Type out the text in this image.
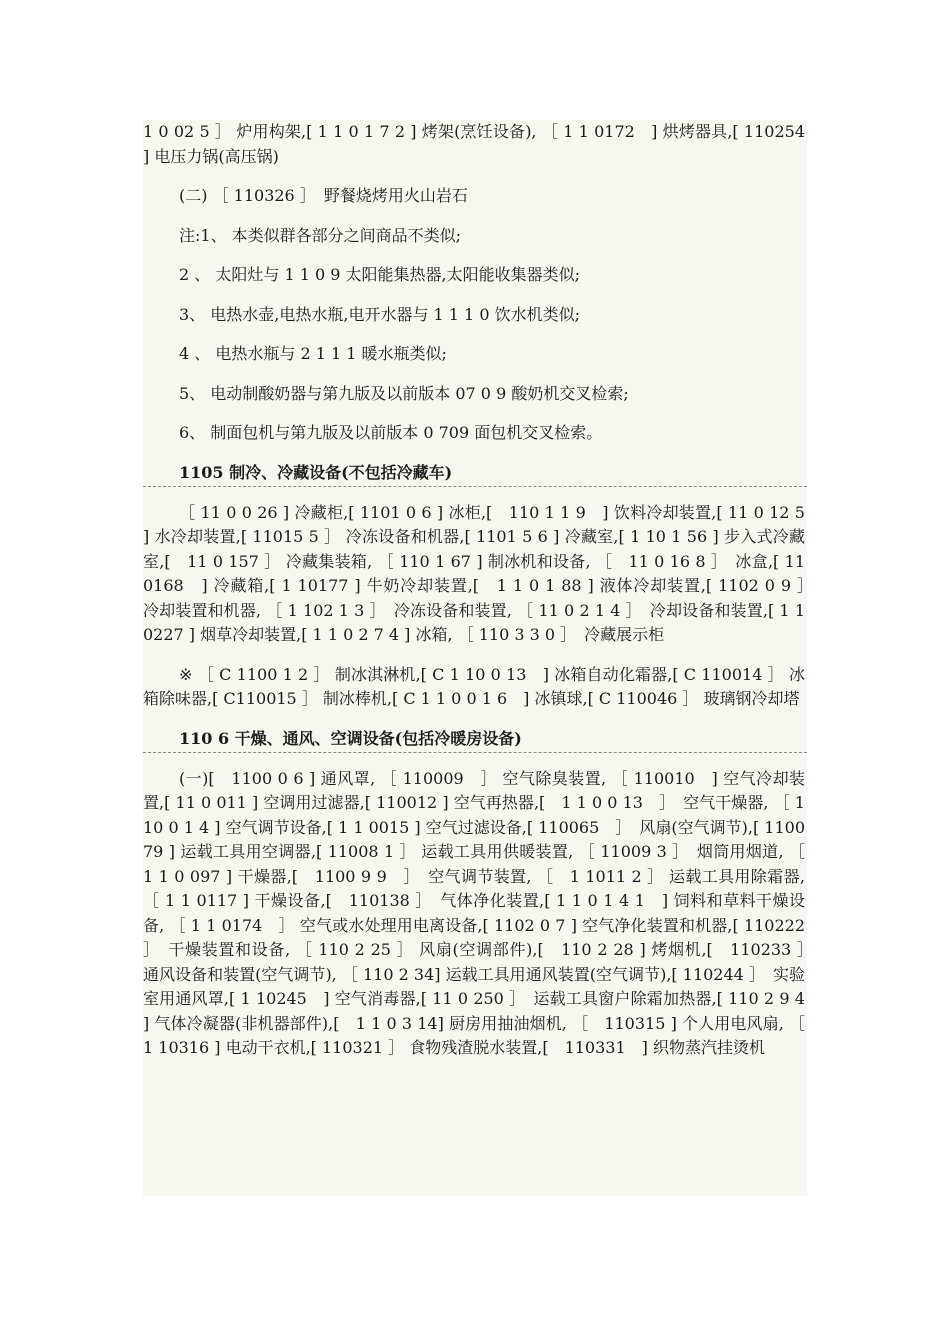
1 0 02 5 ］ 炉用构架,[ 1 1 0 1 7 2 ] 烤架(烹饪设备), ［ 1 1 0172　] 烘烤器具,[ 110254 ] 电压力锅(高压锅)

(二) ［ 110326 ］　野餐烧烤用火山岩石

注:1、 本类似群各部分之间商品不类似;

2 、 太阳灶与 1 1 0 9 太阳能集热器,太阳能收集器类似;

3、 电热水壶,电热水瓶,电开水器与 1 1 1 0 饮水机类似;

4 、 电热水瓶与 2 1 1 1 暖水瓶类似;

5、 电动制酸奶器与第九版及以前版本 07 0 9 酸奶机交叉检索;

6、 制面包机与第九版及以前版本 0 709 面包机交叉检索。

1105 制冷、冷藏设备(不包括冷藏车)

［ 11 0 0 26 ] 冷藏柜,[ 1101 0 6 ] 冰柜,[　110 1 1 9　] 饮料冷却装置,[ 11 0 12 5 ] 水冷却装置,[ 11015 5 ］ 冷冻设备和机器,[ 1101 5 6 ] 冷藏室,[ 1 10 1 56 ] 步入式冷藏室,[　11 0 157 ］ 冷藏集装箱, ［ 110 1 67 ] 制冰机和设备, ［　11 0 16 8 ］　冰盒,[ 110168　] 冷藏箱,[ 1 10177 ] 牛奶冷却装置,[　1 1 0 1 88 ] 液体冷却装置,[ 1102 0 9 ］　冷却装置和机器, ［ 1 102 1 3 ］　冷冻设备和装置, ［ 11 0 2 1 4 ］　冷却设备和装置,[ 1 1 0227 ] 烟草冷却装置,[ 1 1 0 2 7 4 ] 冰箱, ［ 110 3 3 0 ］　冷藏展示柜

※ ［ C 1100 1 2 ］ 制冰淇淋机,[ C 1 10 0 13　] 冰箱自动化霜器,[ C 110014 ］ 冰箱除味器,[ C110015 ］ 制冰棒机,[ C 1 1 0 0 1 6　] 冰镇球,[ C 110046 ］ 玻璃钢冷却塔

110 6 干燥、通风、空调设备(包括冷暖房设备)

(一)[　1100 0 6 ] 通风罩, ［ 110009　］ 空气除臭装置, ［ 110010　] 空气冷却装置,[ 11 0 011 ] 空调用过滤器,[ 110012 ] 空气再热器,[　1 1 0 0 13　］　空气干燥器, ［ 110 0 1 4 ] 空气调节设备,[ 1 1 0015 ] 空气过滤设备,[ 110065　］　风扇(空气调节),[ 110079 ] 运载工具用空调器,[ 11008 1 ］ 运载工具用供暖装置, ［ 11009 3 ］　烟筒用烟道, ［ 1 1 0 097 ] 干燥器,[　1100 9 9　］　空气调节装置, ［　1 1011 2 ］ 运载工具用除霜器, ［ 1 1 0117 ] 干燥设备,[　110138 ］　气体净化装置,[ 1 1 0 1 4 1　] 饲料和草料干燥设备, ［ 1 1 0174　］ 空气或水处理用电离设备,[ 1102 0 7 ] 空气净化装置和机器,[ 110222 ］　干燥装置和设备, ［ 110 2 25 ］ 风扇(空调部件),[　110 2 28 ] 烤烟机,[　110233 ］　通风设备和装置(空气调节), ［ 110 2 34] 运载工具用通风装置(空气调节),[ 110244 ］　实验室用通风罩,[ 1 10245　] 空气消毒器,[ 11 0 250 ］　运载工具窗户除霜加热器,[ 110 2 9 4 ] 气体冷凝器(非机器部件),[　1 1 0 3 14] 厨房用抽油烟机, ［　110315 ] 个人用电风扇, ［　1 10316 ] 电动干衣机,[ 110321 ］ 食物残渣脱水装置,[　110331　] 织物蒸汽挂烫机
